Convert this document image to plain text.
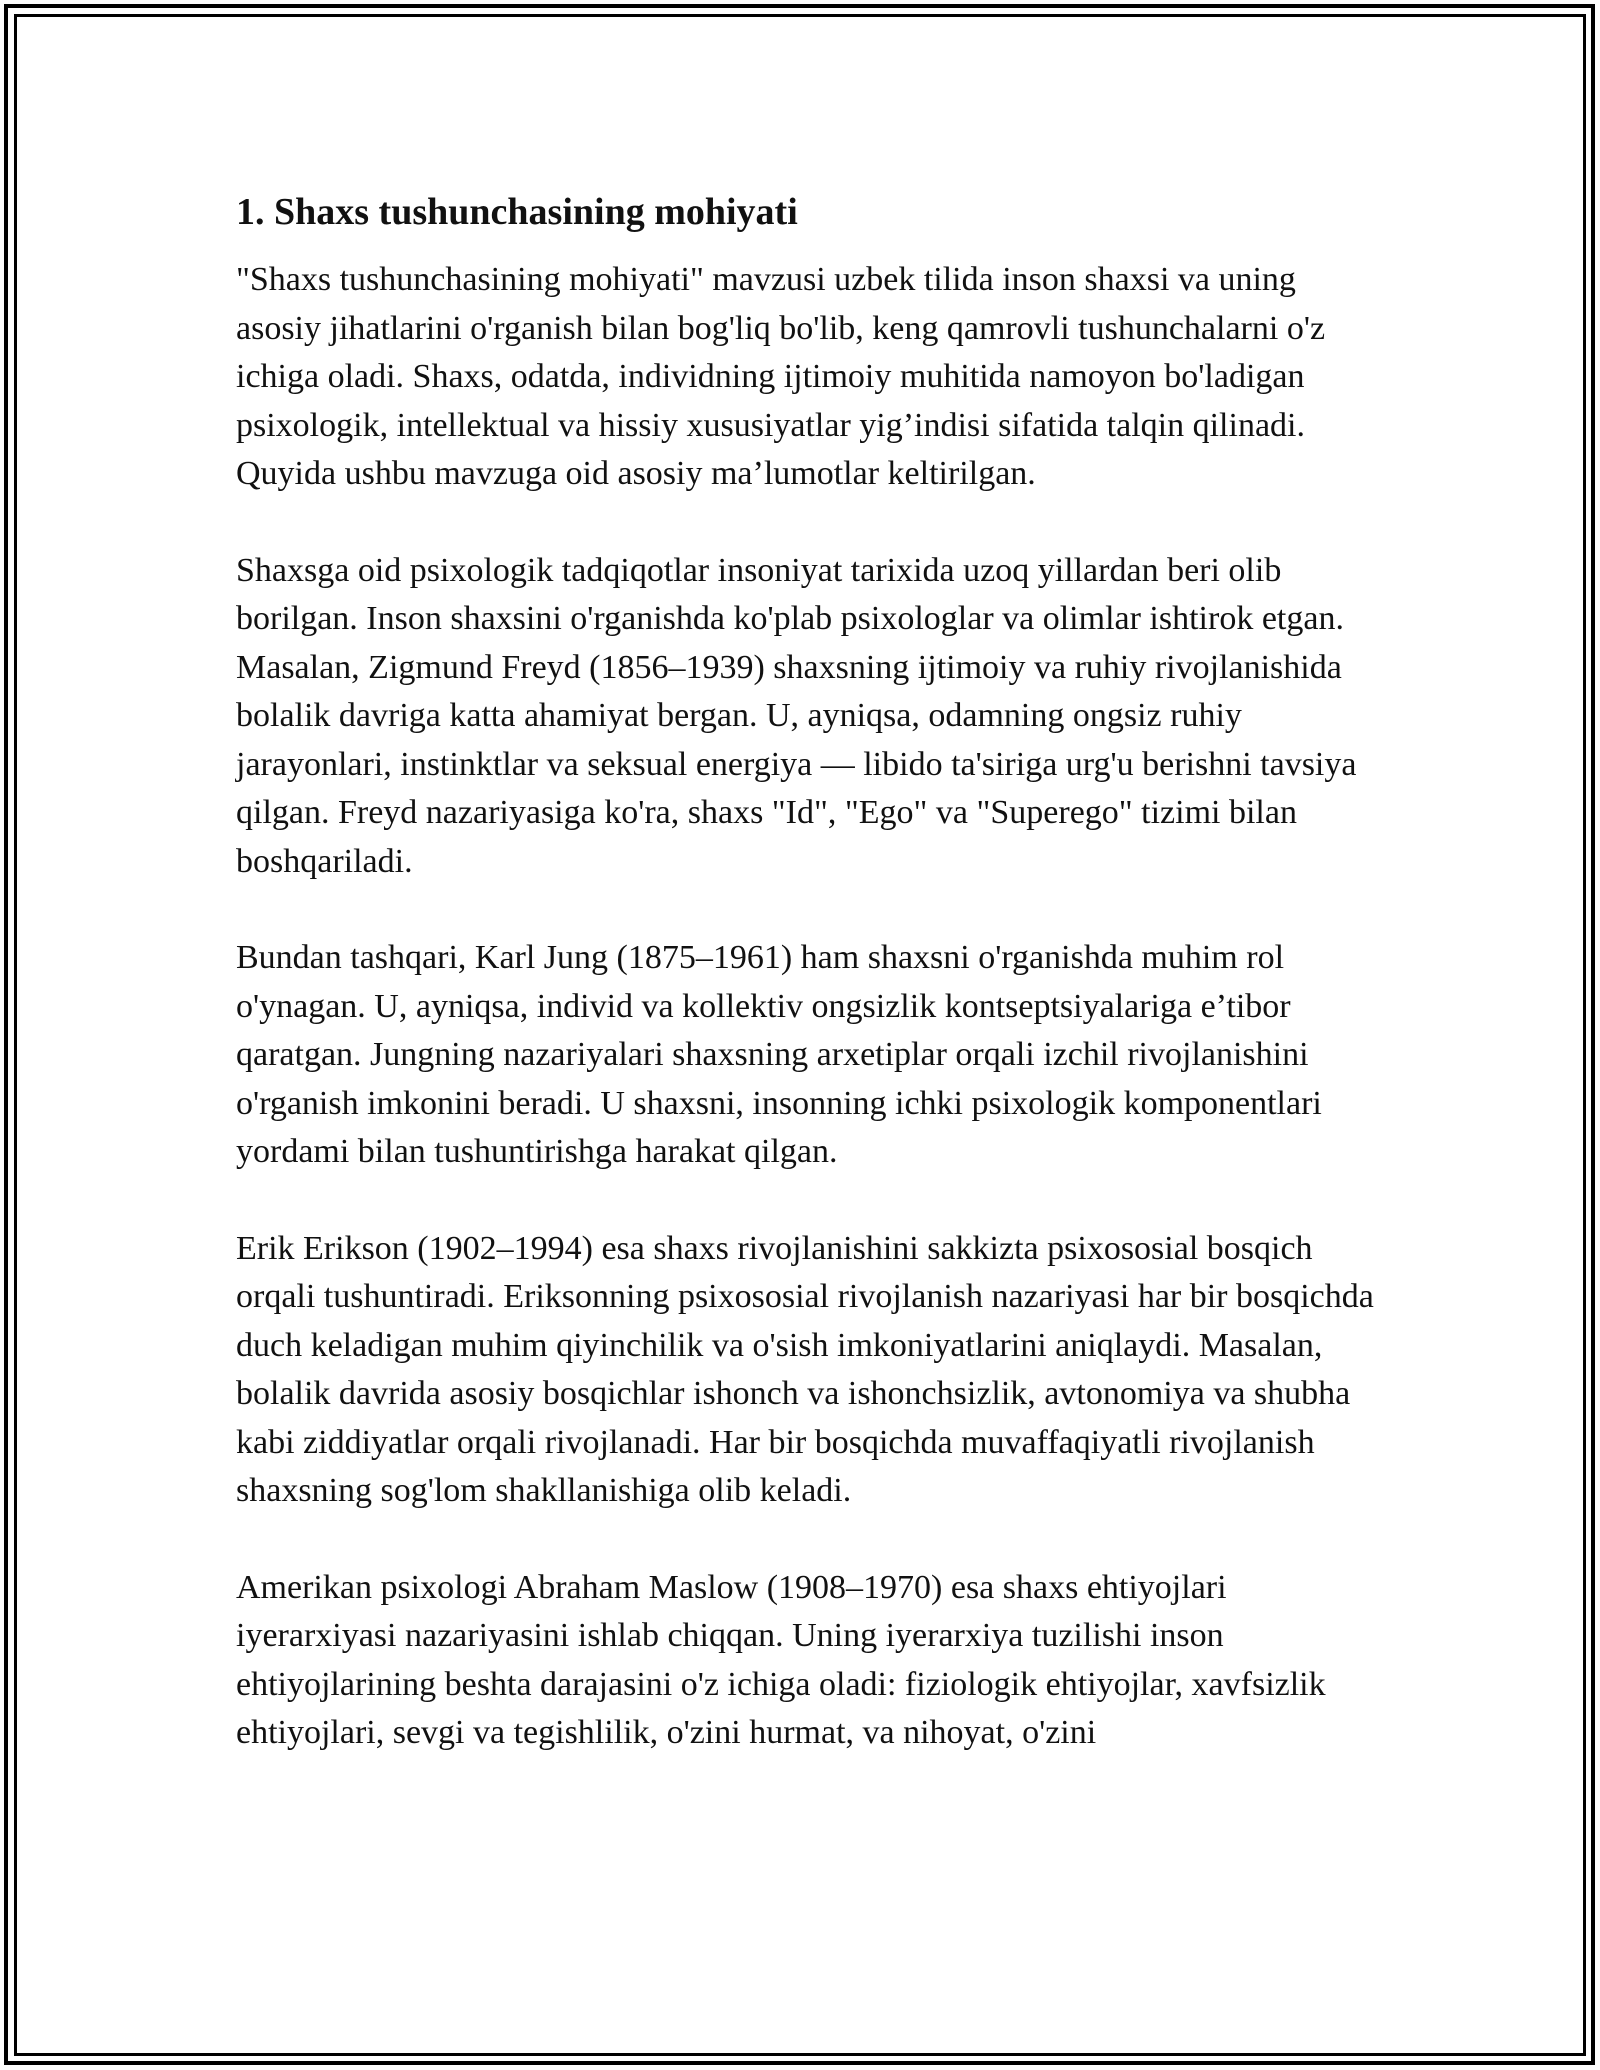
1. Shaxs tushunchasining mohiyati

"Shaxs tushunchasining mohiyati" mavzusi uzbek tilida inson shaxsi va uning asosiy jihatlarini o'rganish bilan bog'liq bo'lib, keng qamrovli tushunchalarni o'z ichiga oladi. Shaxs, odatda, individning ijtimoiy muhitida namoyon bo'ladigan psixologik, intellektual va hissiy xususiyatlar yig’indisi sifatida talqin qilinadi. Quyida ushbu mavzuga oid asosiy ma’lumotlar keltirilgan.

Shaxsga oid psixologik tadqiqotlar insoniyat tarixida uzoq yillardan beri olib borilgan. Inson shaxsini o'rganishda ko'plab psixologlar va olimlar ishtirok etgan. Masalan, Zigmund Freyd (1856–1939) shaxsning ijtimoiy va ruhiy rivojlanishida bolalik davriga katta ahamiyat bergan. U, ayniqsa, odamning ongsiz ruhiy jarayonlari, instinktlar va seksual energiya — libido ta'siriga urg'u berishni tavsiya qilgan. Freyd nazariyasiga ko'ra, shaxs "Id", "Ego" va "Superego" tizimi bilan boshqariladi.

Bundan tashqari, Karl Jung (1875–1961) ham shaxsni o'rganishda muhim rol o'ynagan. U, ayniqsa, individ va kollektiv ongsizlik kontseptsiyalariga e’tibor qaratgan. Jungning nazariyalari shaxsning arxetiplar orqali izchil rivojlanishini o'rganish imkonini beradi. U shaxsni, insonning ichki psixologik komponentlari yordami bilan tushuntirishga harakat qilgan.

Erik Erikson (1902–1994) esa shaxs rivojlanishini sakkizta psixososial bosqich orqali tushuntiradi. Eriksonning psixososial rivojlanish nazariyasi har bir bosqichda duch keladigan muhim qiyinchilik va o'sish imkoniyatlarini aniqlaydi. Masalan, bolalik davrida asosiy bosqichlar ishonch va ishonchsizlik, avtonomiya va shubha kabi ziddiyatlar orqali rivojlanadi. Har bir bosqichda muvaffaqiyatli rivojlanish shaxsning sog'lom shakllanishiga olib keladi.

Amerikan psixologi Abraham Maslow (1908–1970) esa shaxs ehtiyojlari iyerarxiyasi nazariyasini ishlab chiqqan. Uning iyerarxiya tuzilishi inson ehtiyojlarining beshta darajasini o'z ichiga oladi: fiziologik ehtiyojlar, xavfsizlik ehtiyojlari, sevgi va tegishlilik, o'zini hurmat, va nihoyat, o'zini
